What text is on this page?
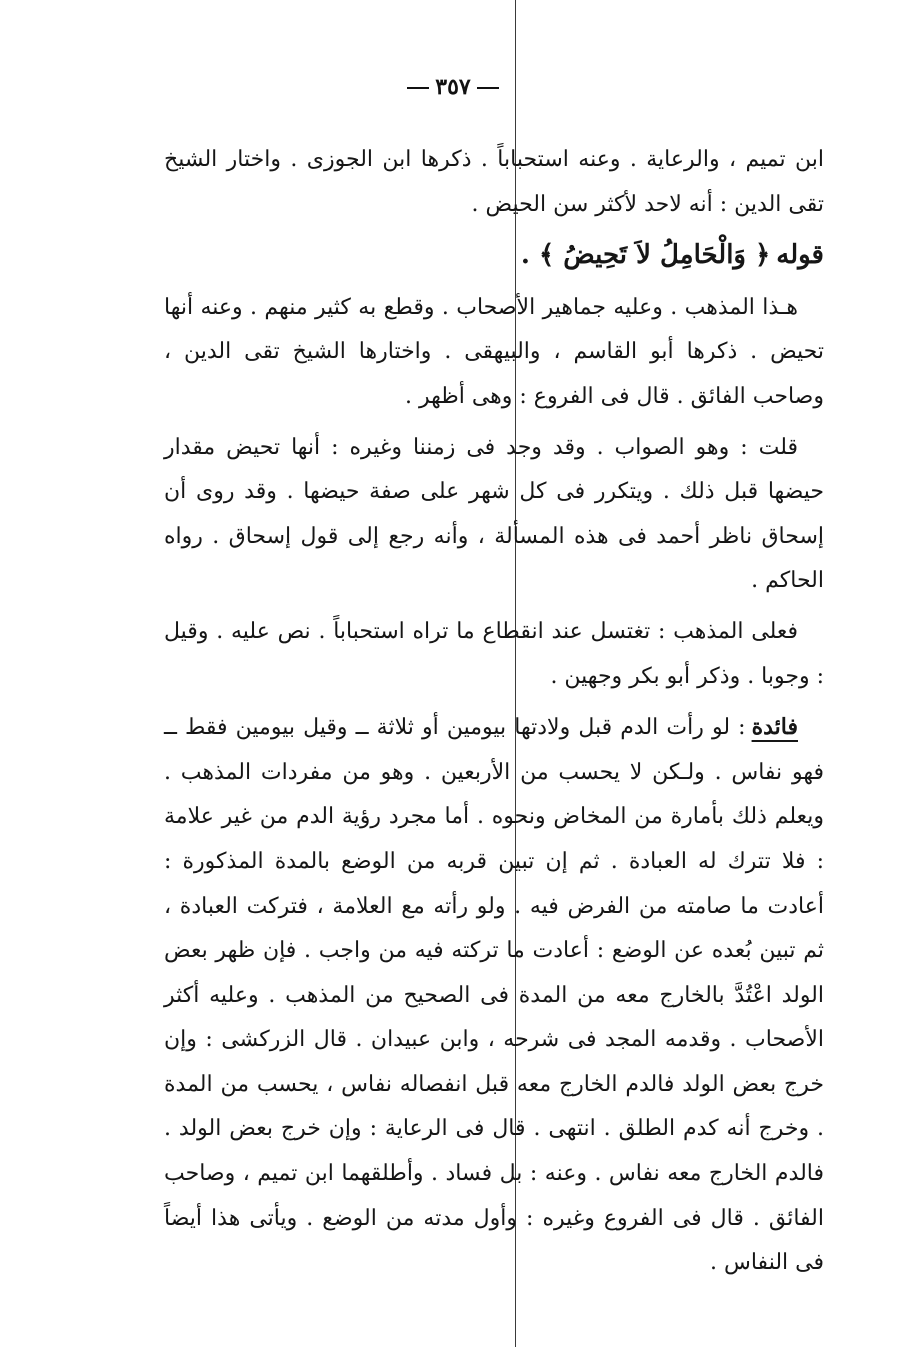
٣٥٧

ابن تميم ، والرعاية . وعنه استحباباً . ذكرها ابن الجوزى . واختار الشيخ تقى الدين : أنه لاحد لأكثر سن الحيض .

قوله﴿ وَالْحَامِلُ لاَ تَحِيضُ ﴾ .

هـذا المذهب . وعليه جماهير الأصحاب . وقطع به كثير منهم . وعنه أنها تحيض . ذكرها أبو القاسم ، والبيهقى . واختارها الشيخ تقى الدين ، وصاحب الفائق . قال فى الفروع : وهى أظهر .

قلت : وهو الصواب . وقد وجد فى زمننا وغيره : أنها تحيض مقدار حيضها قبل ذلك . ويتكرر فى كل شهر على صفة حيضها . وقد روى أن إسحاق ناظر أحمد فى هذه المسألة ، وأنه رجع إلى قول إسحاق . رواه الحاكم .

فعلى المذهب : تغتسل عند انقطاع ما تراه استحباباً . نص عليه . وقيل : وجوبا . وذكر أبو بكر وجهين .

فائدة: لو رأت الدم قبل ولادتها بيومين أو ثلاثة ــ وقيل بيومين فقط ــ فهو نفاس . ولـكن لا يحسب من الأربعين . وهو من مفردات المذهب . ويعلم ذلك بأمارة من المخاض ونحوه . أما مجرد رؤية الدم من غير علامة : فلا تترك له العبادة . ثم إن تبين قربه من الوضع بالمدة المذكورة : أعادت ما صامته من الفرض فيه . ولو رأته مع العلامة ، فتركت العبادة ، ثم تبين بُعده عن الوضع : أعادت ما تركته فيه من واجب . فإن ظهر بعض الولد اعْتُدَّ بالخارج معه من المدة فى الصحيح من المذهب . وعليه أكثر الأصحاب . وقدمه المجد فى شرحه ، وابن عبيدان . قال الزركشى : وإن خرج بعض الولد فالدم الخارج معه قبل انفصاله نفاس ، يحسب من المدة . وخرج أنه كدم الطلق . انتهى . قال فى الرعاية : وإن خرج بعض الولد . فالدم الخارج معه نفاس . وعنه : بل فساد . وأطلقهما ابن تميم ، وصاحب الفائق . قال فى الفروع وغيره : وأول مدته من الوضع . ويأتى هذا أيضاً فى النفاس .
